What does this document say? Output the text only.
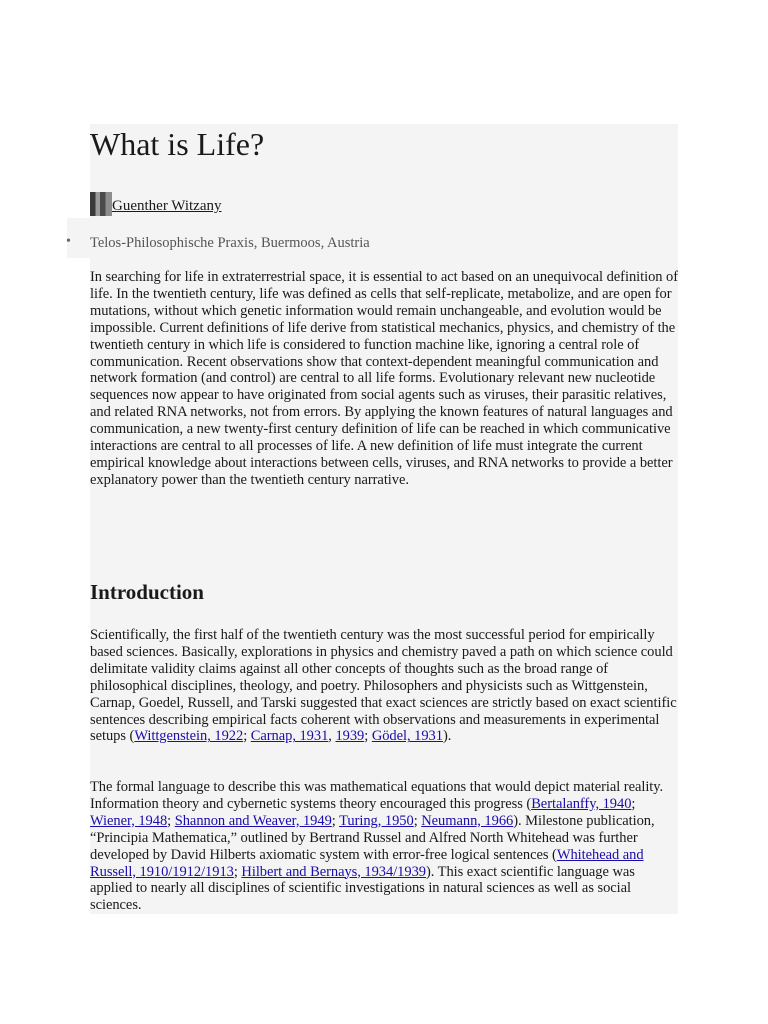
What is Life?
Guenther Witzany
• Telos-Philosophische Praxis, Buermoos, Austria

In searching for life in extraterrestrial space, it is essential to act based on an unequivocal definition of life. In the twentieth century, life was defined as cells that self-replicate, metabolize, and are open for mutations, without which genetic information would remain unchangeable, and evolution would be impossible. Current definitions of life derive from statistical mechanics, physics, and chemistry of the twentieth century in which life is considered to function machine like, ignoring a central role of communication. Recent observations show that context-dependent meaningful communication and network formation (and control) are central to all life forms. Evolutionary relevant new nucleotide sequences now appear to have originated from social agents such as viruses, their parasitic relatives, and related RNA networks, not from errors. By applying the known features of natural languages and communication, a new twenty-first century definition of life can be reached in which communicative interactions are central to all processes of life. A new definition of life must integrate the current empirical knowledge about interactions between cells, viruses, and RNA networks to provide a better explanatory power than the twentieth century narrative.

Introduction

Scientifically, the first half of the twentieth century was the most successful period for empirically based sciences. Basically, explorations in physics and chemistry paved a path on which science could delimitate validity claims against all other concepts of thoughts such as the broad range of philosophical disciplines, theology, and poetry. Philosophers and physicists such as Wittgenstein, Carnap, Goedel, Russell, and Tarski suggested that exact sciences are strictly based on exact scientific sentences describing empirical facts coherent with observations and measurements in experimental setups (Wittgenstein, 1922; Carnap, 1931, 1939; Gödel, 1931).

The formal language to describe this was mathematical equations that would depict material reality. Information theory and cybernetic systems theory encouraged this progress (Bertalanffy, 1940; Wiener, 1948; Shannon and Weaver, 1949; Turing, 1950; Neumann, 1966). Milestone publication, “Principia Mathematica,” outlined by Bertrand Russel and Alfred North Whitehead was further developed by David Hilberts axiomatic system with error-free logical sentences (Whitehead and Russell, 1910/1912/1913; Hilbert and Bernays, 1934/1939). This exact scientific language was applied to nearly all disciplines of scientific investigations in natural sciences as well as social sciences.
